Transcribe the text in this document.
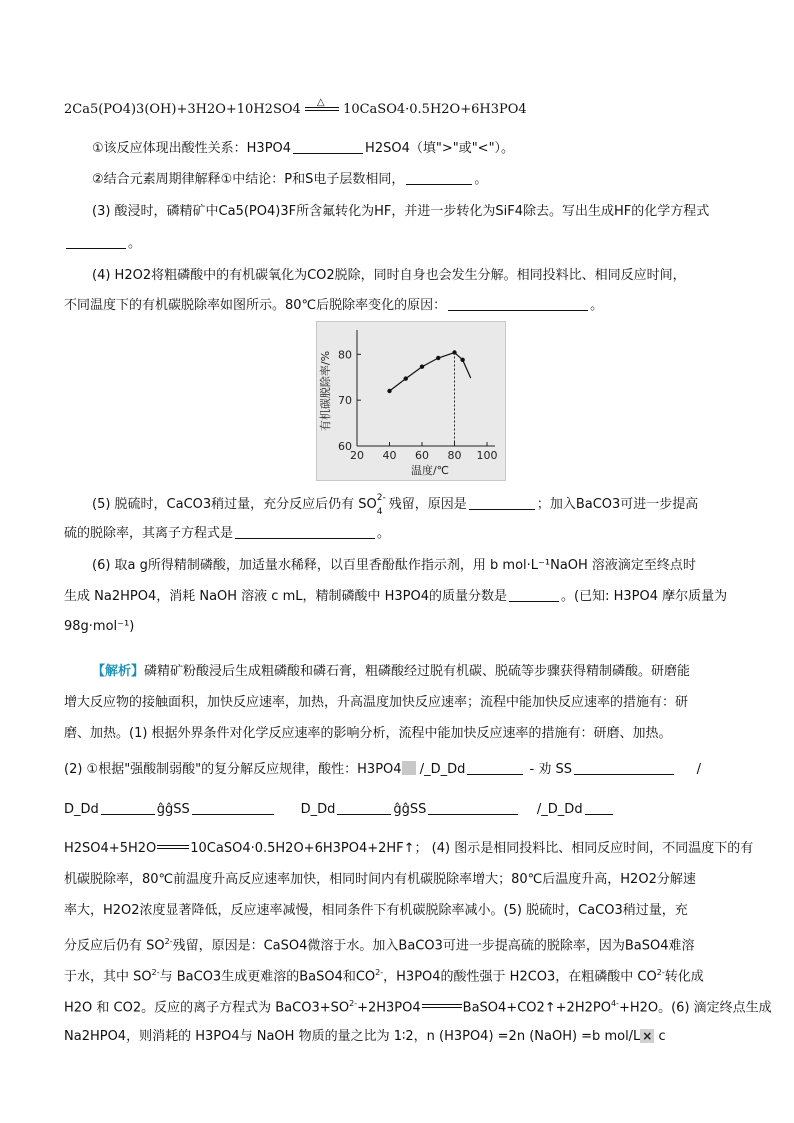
2Ca5(PO4)3(OH)+3H2O+10H2SO4 △ 10CaSO4·0.5H2O+6H3PO4
①该反应体现出酸性关系：H3PO4	H2SO4（填">"或"<"）。
②结合元素周期律解释①中结论：P和S电子层数相同，	。
(3) 酸浸时，磷精矿中Ca5(PO4)3F所含氟转化为HF，并进一步转化为SiF4除去。写出生成HF的化学方程式
。
(4) H2O2将粗磷酸中的有机碳氧化为CO2脱除，同时自身也会发生分解。相同投料比、相同反应时间，
不同温度下的有机碳脱除率如图所示。80℃后脱除率变化的原因：	。
60
70
80
20 40 60 80 100
温度/℃
有机碳脱除率/%
(5) 脱硫时，CaCO3稍过量，充分反应后仍有 SO 2-
4 残留，原因是	；加入BaCO3可进一步提高
硫的脱除率，其离子方程式是	。
(6) 取a g所得精制磷酸，加适量水稀释，以百里香酚酞作指示剂，用 b mol·L⁻¹NaOH 溶液滴定至终点时
生成 Na2HPO4，消耗 NaOH 溶液 c mL，精制磷酸中 H3PO4的质量分数是	。(已知: H3PO4 摩尔质量为
98g·mol⁻¹)
【解析】磷精矿粉酸浸后生成粗磷酸和磷石膏，粗磷酸经过脱有机碳、脱硫等步骤获得精制磷酸。研磨能
增大反应物的接触面积，加快反应速率，加热，升高温度加快反应速率；流程中能加快反应速率的措施有：研
磨、加热。(1) 根据外界条件对化学反应速率的影响分析，流程中能加快反应速率的措施有：研磨、加热。
(2) ①根据"强酸制弱酸"的复分解反应规律，酸性：H3PO4 /_D_Dd	- 劝 SS	/
D_Dd	ĝĝSS	D_Dd	ĝĝSS	/_D_Dd
H2SO4+5H2O	10CaSO4·0.5H2O+6H3PO4+2HF↑； (4) 图示是相同投料比、相同反应时间，不同温度下的有
机碳脱除率，80℃前温度升高反应速率加快，相同时间内有机碳脱除率增大；80℃后温度升高，H2O2分解速
率大，H2O2浓度显著降低，反应速率减慢，相同条件下有机碳脱除率减小。(5) 脱硫时，CaCO3稍过量，充
分反应后仍有 $SO^{2-}$残留，原因是：CaSO4微溶于水。加入BaCO3可进一步提高硫的脱除率，因为BaSO4难溶
于水，其中 $SO^{2-}$与 BaCO3生成更难溶的BaSO4和$CO^{2-}$，H3PO4的酸性强于 H2CO3，在粗磷酸中 $CO^{2-}$转化成
H2O 和 CO2。反应的离子方程式为 $BaCO3+SO^{2-}+2H3PO4$	$BaSO4+CO2↑+2H2PO^{4-}+H2O$。(6) 滴定终点生成
Na2HPO4，则消耗的 H3PO4与 NaOH 物质的量之比为 1∶2，n (H3PO4) =2n (NaOH) =b mol/L × c
